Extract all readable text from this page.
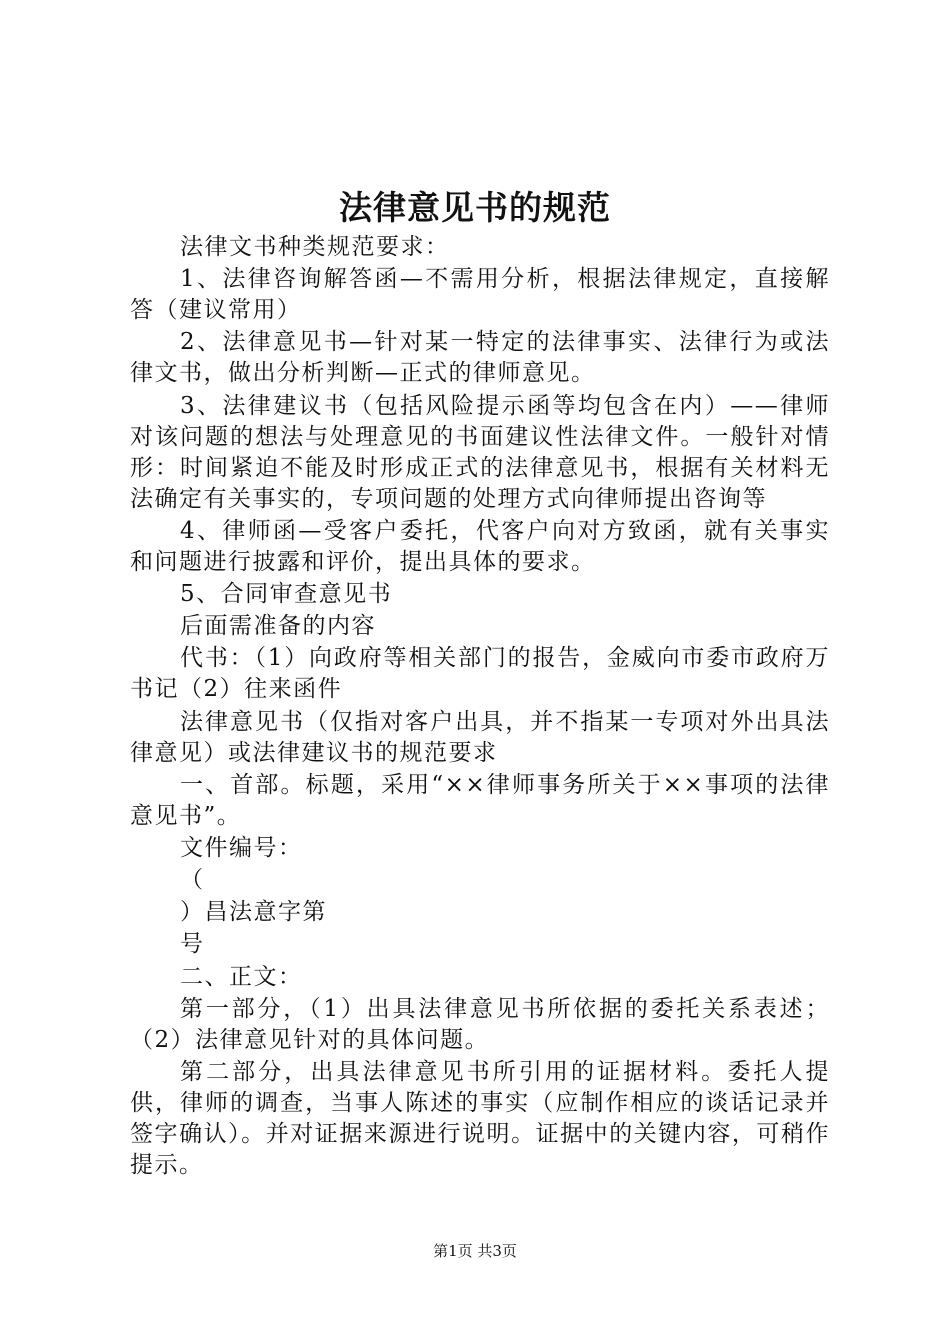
法律意见书的规范

法律文书种类规范要求：

1、法律咨询解答函—不需用分析，根据法律规定，直接解答（建议常用）

2、法律意见书—针对某一特定的法律事实、法律行为或法律文书，做出分析判断—正式的律师意见。

3、法律建议书（包括风险提示函等均包含在内）——律师对该问题的想法与处理意见的书面建议性法律文件。一般针对情形：时间紧迫不能及时形成正式的法律意见书，根据有关材料无法确定有关事实的，专项问题的处理方式向律师提出咨询等

4、律师函—受客户委托，代客户向对方致函，就有关事实和问题进行披露和评价，提出具体的要求。

5、合同审查意见书

后面需准备的内容

代书：（1）向政府等相关部门的报告，金威向市委市政府万书记（2）往来函件

法律意见书（仅指对客户出具，并不指某一专项对外出具法律意见）或法律建议书的规范要求

一、首部。标题，采用“××律师事务所关于××事项的法律意见书”。

文件编号：

（

）昌法意字第

号

二、正文：

第一部分，（1）出具法律意见书所依据的委托关系表述；（2）法律意见针对的具体问题。

第二部分，出具法律意见书所引用的证据材料。委托人提供，律师的调查，当事人陈述的事实（应制作相应的谈话记录并签字确认）。并对证据来源进行说明。证据中的关键内容，可稍作提示。

第1页 共3页
